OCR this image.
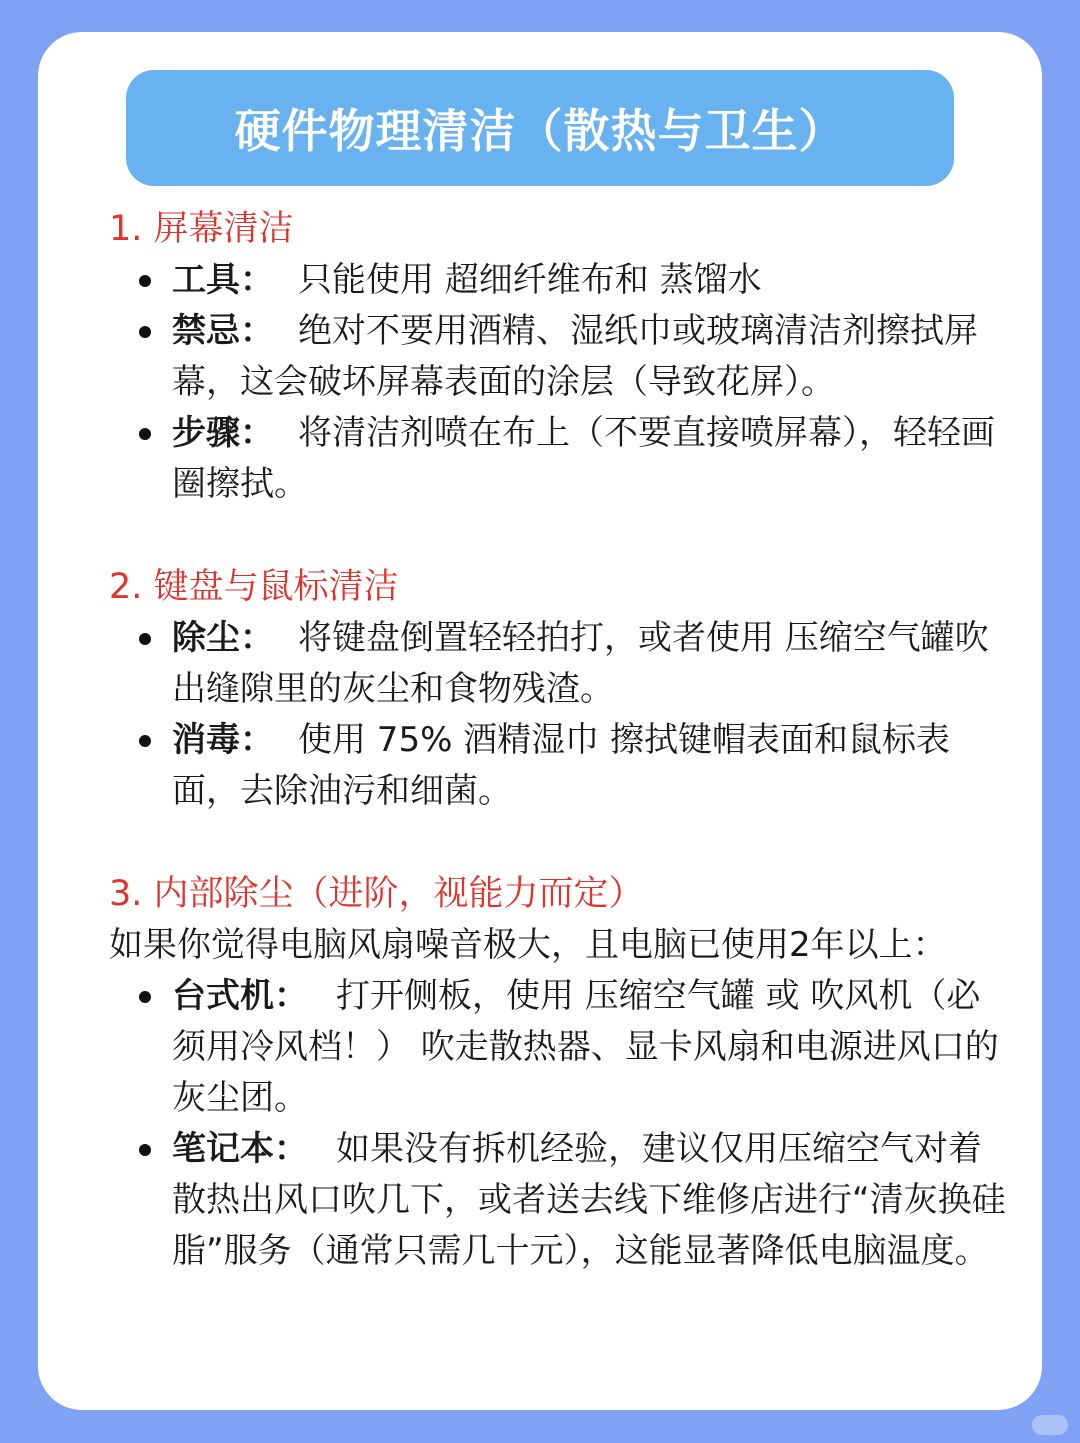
硬件物理清洁（散热与卫生）

1. 屏幕清洁

工具： 只能使用 超细纤维布和 蒸馏水
禁忌： 绝对不要用酒精、湿纸巾或玻璃清洁剂擦拭屏幕，这会破坏屏幕表面的涂层（导致花屏）。
步骤： 将清洁剂喷在布上（不要直接喷屏幕），轻轻画圈擦拭。

2. 键盘与鼠标清洁

除尘： 将键盘倒置轻轻拍打，或者使用 压缩空气罐吹出缝隙里的灰尘和食物残渣。
消毒： 使用 75% 酒精湿巾 擦拭键帽表面和鼠标表面，去除油污和细菌。

3. 内部除尘（进阶，视能力而定）

如果你觉得电脑风扇噪音极大，且电脑已使用2年以上：

台式机： 打开侧板，使用 压缩空气罐 或 吹风机（必须用冷风档！） 吹走散热器、显卡风扇和电源进风口的灰尘团。
笔记本： 如果没有拆机经验，建议仅用压缩空气对着散热出风口吹几下，或者送去线下维修店进行“清灰换硅脂”服务（通常只需几十元），这能显著降低电脑温度。
